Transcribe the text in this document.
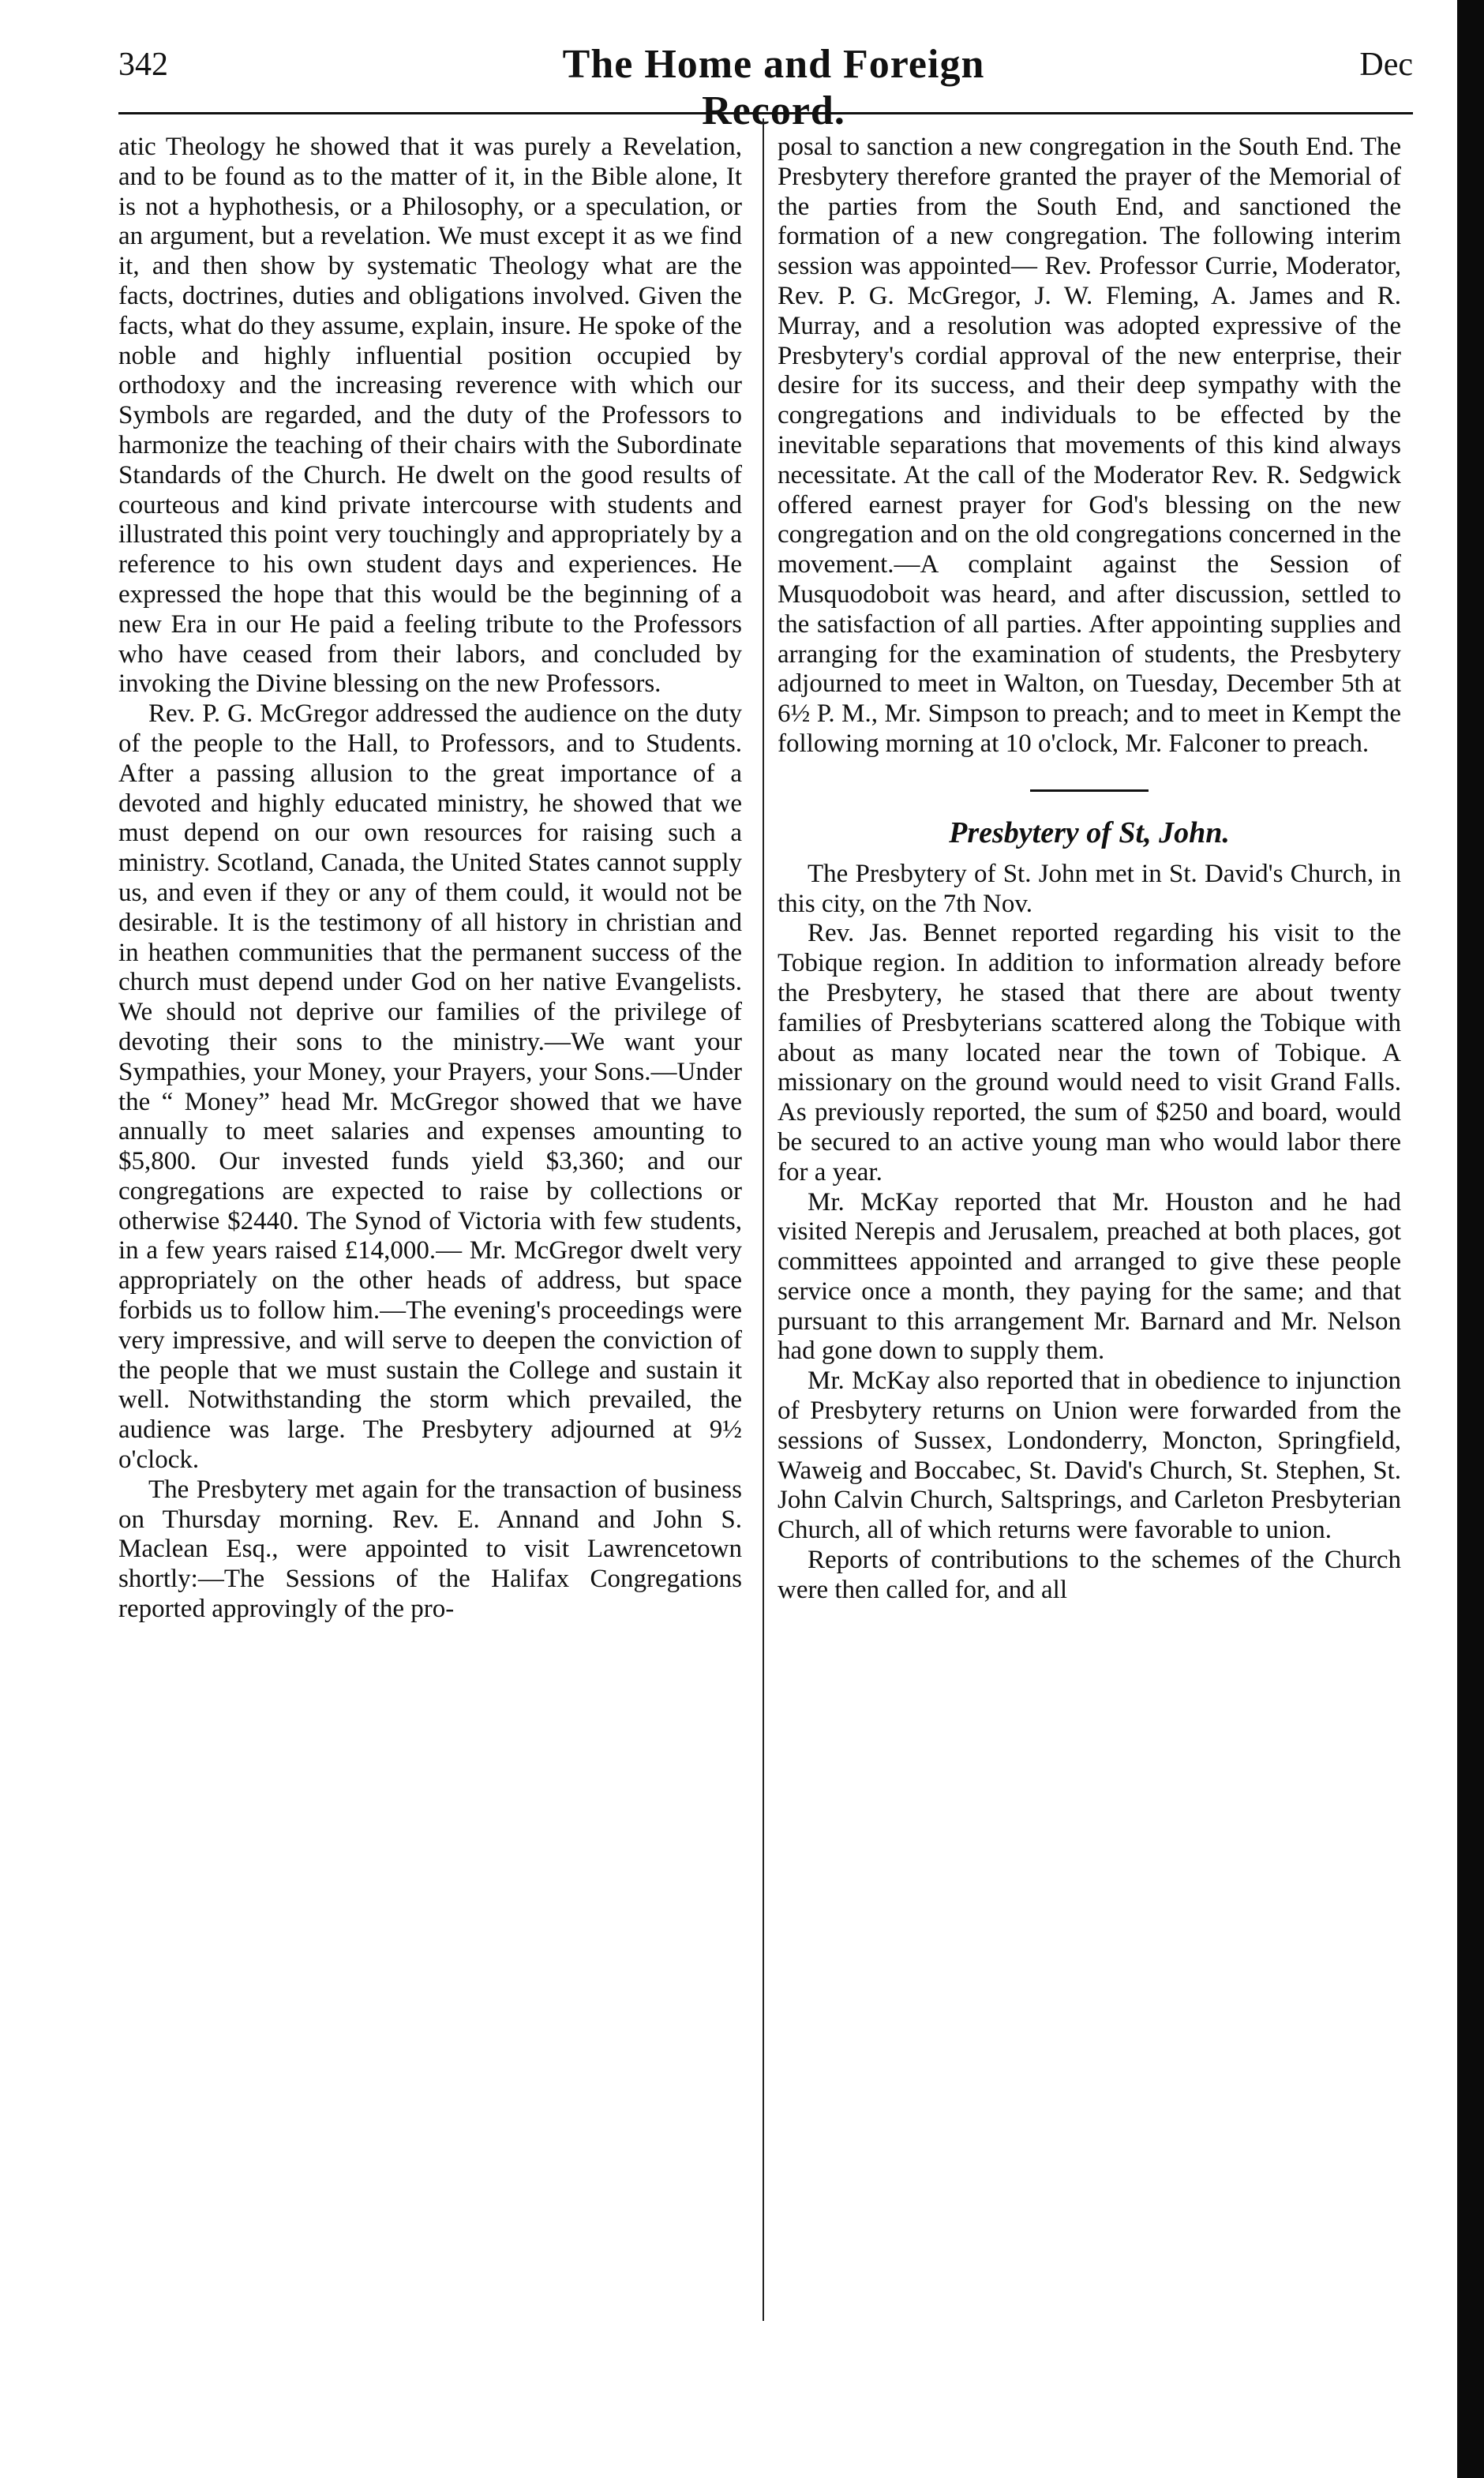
342	The Home and Foreign Record.
Dec

atic Theology he showed that it was purely a Revelation, and to be found as to the matter of it, in the Bible alone, It is not a hyphothesis, or a Philosophy, or a speculation, or an argument, but a revelation. We must except it as we find it, and then show by systematic Theology what are the facts, doctrines, duties and obligations involved. Given the facts, what do they assume, explain, insure. He spoke of the noble and highly influential position occupied by orthodoxy and the increasing reverence with which our Symbols are regarded, and the duty of the Professors to harmonize the teaching of their chairs with the Subordinate Standards of the Church. He dwelt on the good results of courteous and kind private intercourse with students and illustrated this point very touchingly and appropriately by a reference to his own student days and experiences. He expressed the hope that this would be the beginning of a new Era in our He paid a feeling tribute to the Professors who have ceased from their labors, and concluded by invoking the Divine blessing on the new Professors.

Rev. P. G. McGregor addressed the audience on the duty of the people to the Hall, to Professors, and to Students. After a passing allusion to the great importance of a devoted and highly educated ministry, he showed that we must depend on our own resources for raising such a ministry. Scotland, Canada, the United States cannot supply us, and even if they or any of them could, it would not be desirable. It is the testimony of all history in christian and in heathen communities that the permanent success of the church must depend under God on her native Evangelists. We should not deprive our families of the privilege of devoting their sons to the ministry.—We want your Sympathies, your Money, your Prayers, your Sons.—Under the “ Money” head Mr. McGregor showed that we have annually to meet salaries and expenses amounting to $5,800. Our invested funds yield $3,360; and our congregations are expected to raise by collections or otherwise $2440. The Synod of Victoria with few students, in a few years raised £14,000.— Mr. McGregor dwelt very appropriately on the other heads of address, but space forbids us to follow him.—The evening's proceedings were very impressive, and will serve to deepen the conviction of the people that we must sustain the College and sustain it well. Notwithstanding the storm which prevailed, the audience was large. The Presbytery adjourned at 9½ o'clock.

The Presbytery met again for the transaction of business on Thursday morning. Rev. E. Annand and John S. Maclean Esq., were appointed to visit Lawrencetown shortly:—The Sessions of the Halifax Congregations reported approvingly of the pro-

posal to sanction a new congregation in the South End. The Presbytery therefore granted the prayer of the Memorial of the parties from the South End, and sanctioned the formation of a new congregation. The following interim session was appointed— Rev. Professor Currie, Moderator, Rev. P. G. McGregor, J. W. Fleming, A. James and R. Murray, and a resolution was adopted expressive of the Presbytery's cordial approval of the new enterprise, their desire for its success, and their deep sympathy with the congregations and individuals to be effected by the inevitable separations that movements of this kind always necessitate. At the call of the Moderator Rev. R. Sedgwick offered earnest prayer for God's blessing on the new congregation and on the old congregations concerned in the movement.—A complaint against the Session of Musquodoboit was heard, and after discussion, settled to the satisfaction of all parties. After appointing supplies and arranging for the examination of students, the Presbytery adjourned to meet in Walton, on Tuesday, December 5th at 6½ P. M., Mr. Simpson to preach; and to meet in Kempt the following morning at 10 o'clock, Mr. Falconer to preach.

Presbytery of St, John.

The Presbytery of St. John met in St. David's Church, in this city, on the 7th Nov.

Rev. Jas. Bennet reported regarding his visit to the Tobique region. In addition to information already before the Presbytery, he stased that there are about twenty families of Presbyterians scattered along the Tobique with about as many located near the town of Tobique. A missionary on the ground would need to visit Grand Falls. As previously reported, the sum of $250 and board, would be secured to an active young man who would labor there for a year.

Mr. McKay reported that Mr. Houston and he had visited Nerepis and Jerusalem, preached at both places, got committees appointed and arranged to give these people service once a month, they paying for the same; and that pursuant to this arrangement Mr. Barnard and Mr. Nelson had gone down to supply them.

Mr. McKay also reported that in obedience to injunction of Presbytery returns on Union were forwarded from the sessions of Sussex, Londonderry, Moncton, Springfield, Waweig and Boccabec, St. David's Church, St. Stephen, St. John Calvin Church, Saltsprings, and Carleton Presbyterian Church, all of which returns were favorable to union.

Reports of contributions to the schemes of the Church were then called for, and all
